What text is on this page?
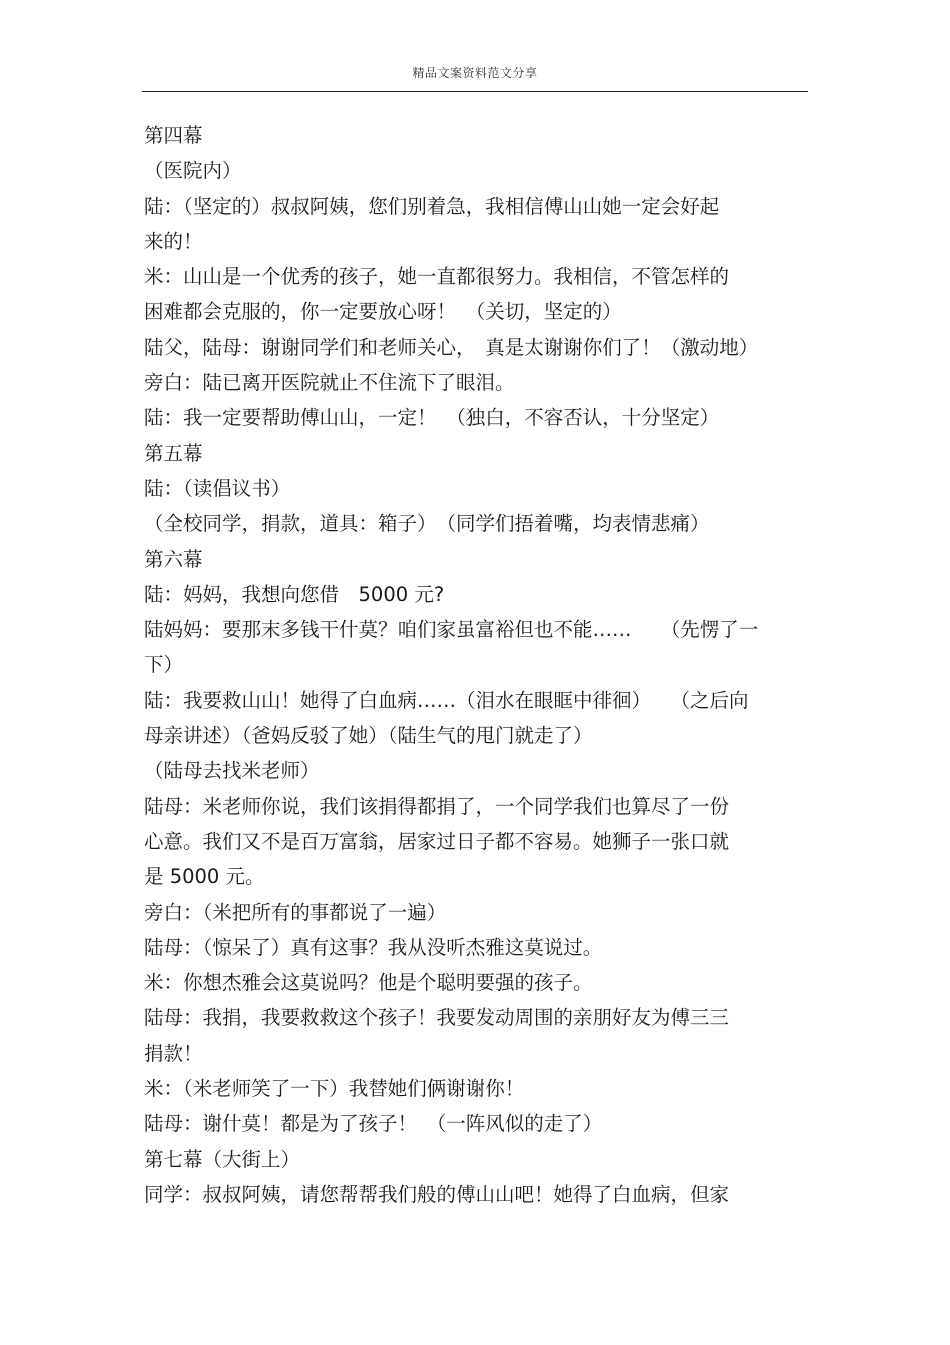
精品文案资料范文分享
第四幕
（医院内）
陆：（坚定的）叔叔阿姨，您们别着急，我相信傅山山她一定会好起
来的！
米：山山是一个优秀的孩子，她一直都很努力。我相信，不管怎样的
困难都会克服的，你一定要放心呀！　（关切，坚定的）
陆父，陆母：谢谢同学们和老师关心，　真是太谢谢你们了！（激动地）
旁白：陆已离开医院就止不住流下了眼泪。
陆：我一定要帮助傅山山，一定！　（独白，不容否认，十分坚定）
第五幕
陆：（读倡议书）
（全校同学，捐款，道具：箱子）　（同学们捂着嘴，均表情悲痛）
第六幕
陆：妈妈，我想向您借　5000 元?
陆妈妈：要那末多钱干什莫？咱们家虽富裕但也不能……　　（先愣了一
下）
陆：我要救山山！她得了白血病……（泪水在眼眶中徘徊）　　（之后向
母亲讲述）（爸妈反驳了她）（陆生气的甩门就走了）
（陆母去找米老师）
陆母：米老师你说，我们该捐得都捐了，一个同学我们也算尽了一份
心意。我们又不是百万富翁，居家过日子都不容易。她狮子一张口就
是 5000 元。
旁白：（米把所有的事都说了一遍）
陆母：（惊呆了）真有这事？我从没听杰雅这莫说过。
米：你想杰雅会这莫说吗？他是个聪明要强的孩子。
陆母：我捐，我要救救这个孩子！我要发动周围的亲朋好友为傅三三
捐款！
米：（米老师笑了一下）我替她们俩谢谢你！
陆母：谢什莫！都是为了孩子！　（一阵风似的走了）
第七幕（大街上）
同学：叔叔阿姨，请您帮帮我们般的傅山山吧！她得了白血病，但家
